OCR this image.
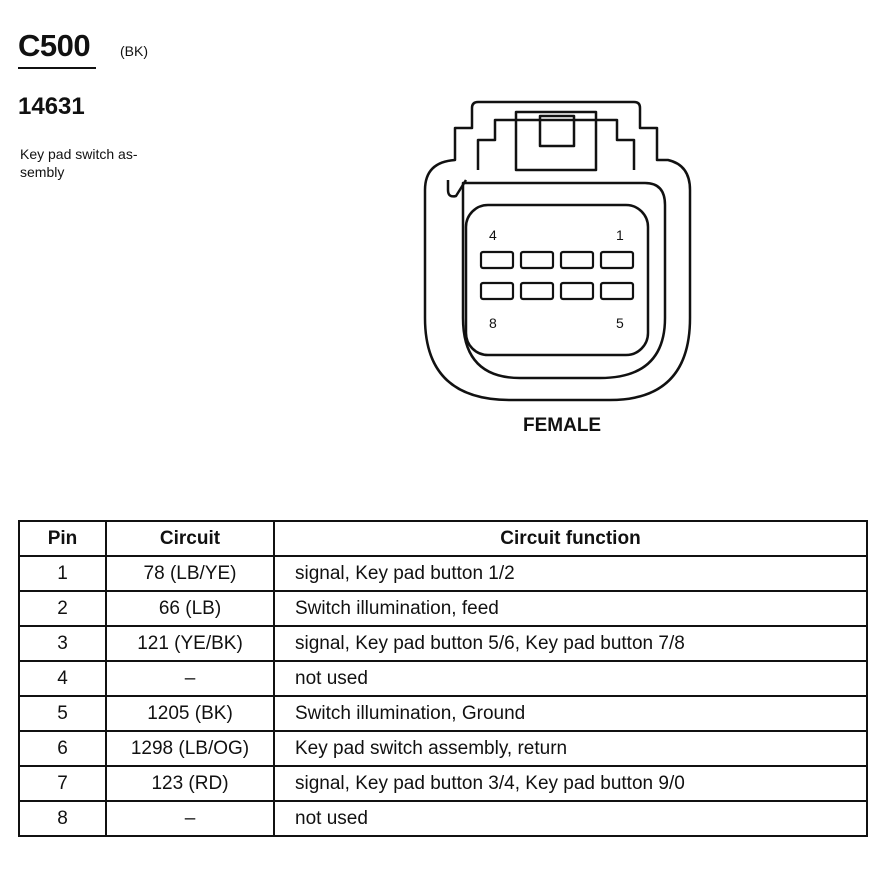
C500 (BK)
14631
Key pad switch as-sembly
4	1
8	5
FEMALE
Pin	Circuit	Circuit function
1	78 (LB/YE)	signal, Key pad button 1/2
2	66 (LB)	Switch illumination, feed
3	121 (YE/BK)	signal, Key pad button 5/6, Key pad button 7/8
4	–	not used
5	1205 (BK)	Switch illumination, Ground
6	1298 (LB/OG)	Key pad switch assembly, return
7	123 (RD)	signal, Key pad button 3/4, Key pad button 9/0
8	–	not used
